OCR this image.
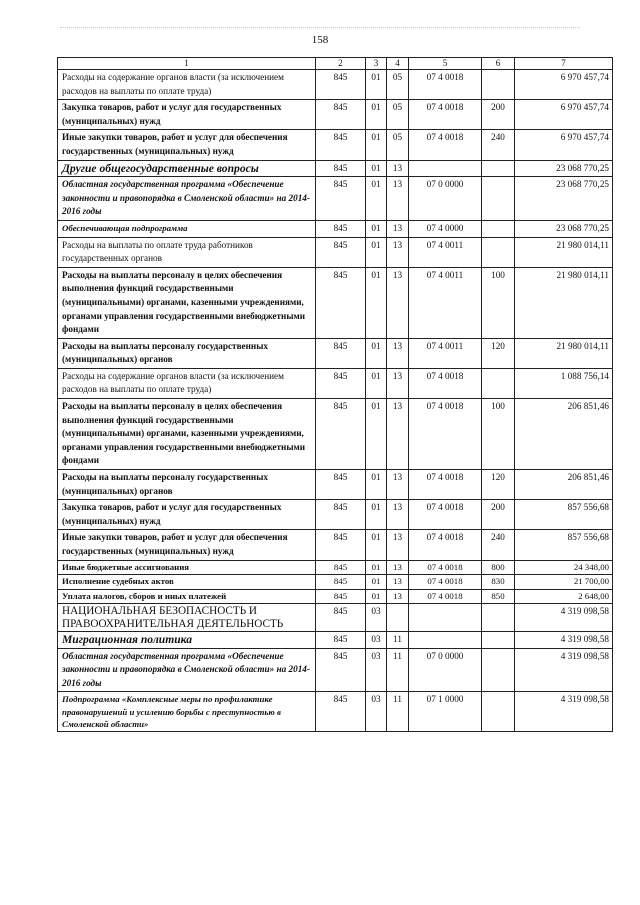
158
1	2	3	4	5	6	7
Расходы на содержание органов власти (за исключением расходов на выплаты по оплате труда)	845	01	05	07 4 0018		6 970 457,74
Закупка товаров, работ и услуг для государственных (муниципальных) нужд	845	01	05	07 4 0018	200	6 970 457,74
Иные закупки товаров, работ и услуг для обеспечения государственных (муниципальных) нужд	845	01	05	07 4 0018	240	6 970 457,74
Другие общегосударственные вопросы	845	01	13			23 068 770,25
Областная государственная программа «Обеспечение законности и правопорядка в Смоленской области» на 2014-2016 годы	845	01	13	07 0 0000		23 068 770,25
Обеспечивающая подпрограмма	845	01	13	07 4 0000		23 068 770,25
Расходы на выплаты по оплате труда работников государственных органов	845	01	13	07 4 0011		21 980 014,11
Расходы на выплаты персоналу в целях обеспечения выполнения функций государственными (муниципальными) органами, казенными учреждениями, органами управления государственными внебюджетными фондами	845	01	13	07 4 0011	100	21 980 014,11
Расходы на выплаты персоналу государственных (муниципальных) органов	845	01	13	07 4 0011	120	21 980 014,11
Расходы на содержание органов власти (за исключением расходов на выплаты по оплате труда)	845	01	13	07 4 0018		1 088 756,14
Расходы на выплаты персоналу в целях обеспечения выполнения функций государственными (муниципальными) органами, казенными учреждениями, органами управления государственными внебюджетными фондами	845	01	13	07 4 0018	100	206 851,46
Расходы на выплаты персоналу государственных (муниципальных) органов	845	01	13	07 4 0018	120	206 851,46
Закупка товаров, работ и услуг для государственных (муниципальных) нужд	845	01	13	07 4 0018	200	857 556,68
Иные закупки товаров, работ и услуг для обеспечения государственных (муниципальных) нужд	845	01	13	07 4 0018	240	857 556,68
Иные бюджетные ассигнования	845	01	13	07 4 0018	800	24 348,00
Исполнение судебных актов	845	01	13	07 4 0018	830	21 700,00
Уплата налогов, сборов и иных платежей	845	01	13	07 4 0018	850	2 648,00
НАЦИОНАЛЬНАЯ БЕЗОПАСНОСТЬ И ПРАВООХРАНИТЕЛЬНАЯ ДЕЯТЕЛЬНОСТЬ	845	03				4 319 098,58
Миграционная политика	845	03	11			4 319 098,58
Областная государственная программа «Обеспечение законности и правопорядка в Смоленской области» на 2014-2016 годы	845	03	11	07 0 0000		4 319 098,58
Подпрограмма «Комплексные меры по профилактике правонарушений и усилению борьбы с преступностью в Смоленской области»	845	03	11	07 1 0000		4 319 098,58
